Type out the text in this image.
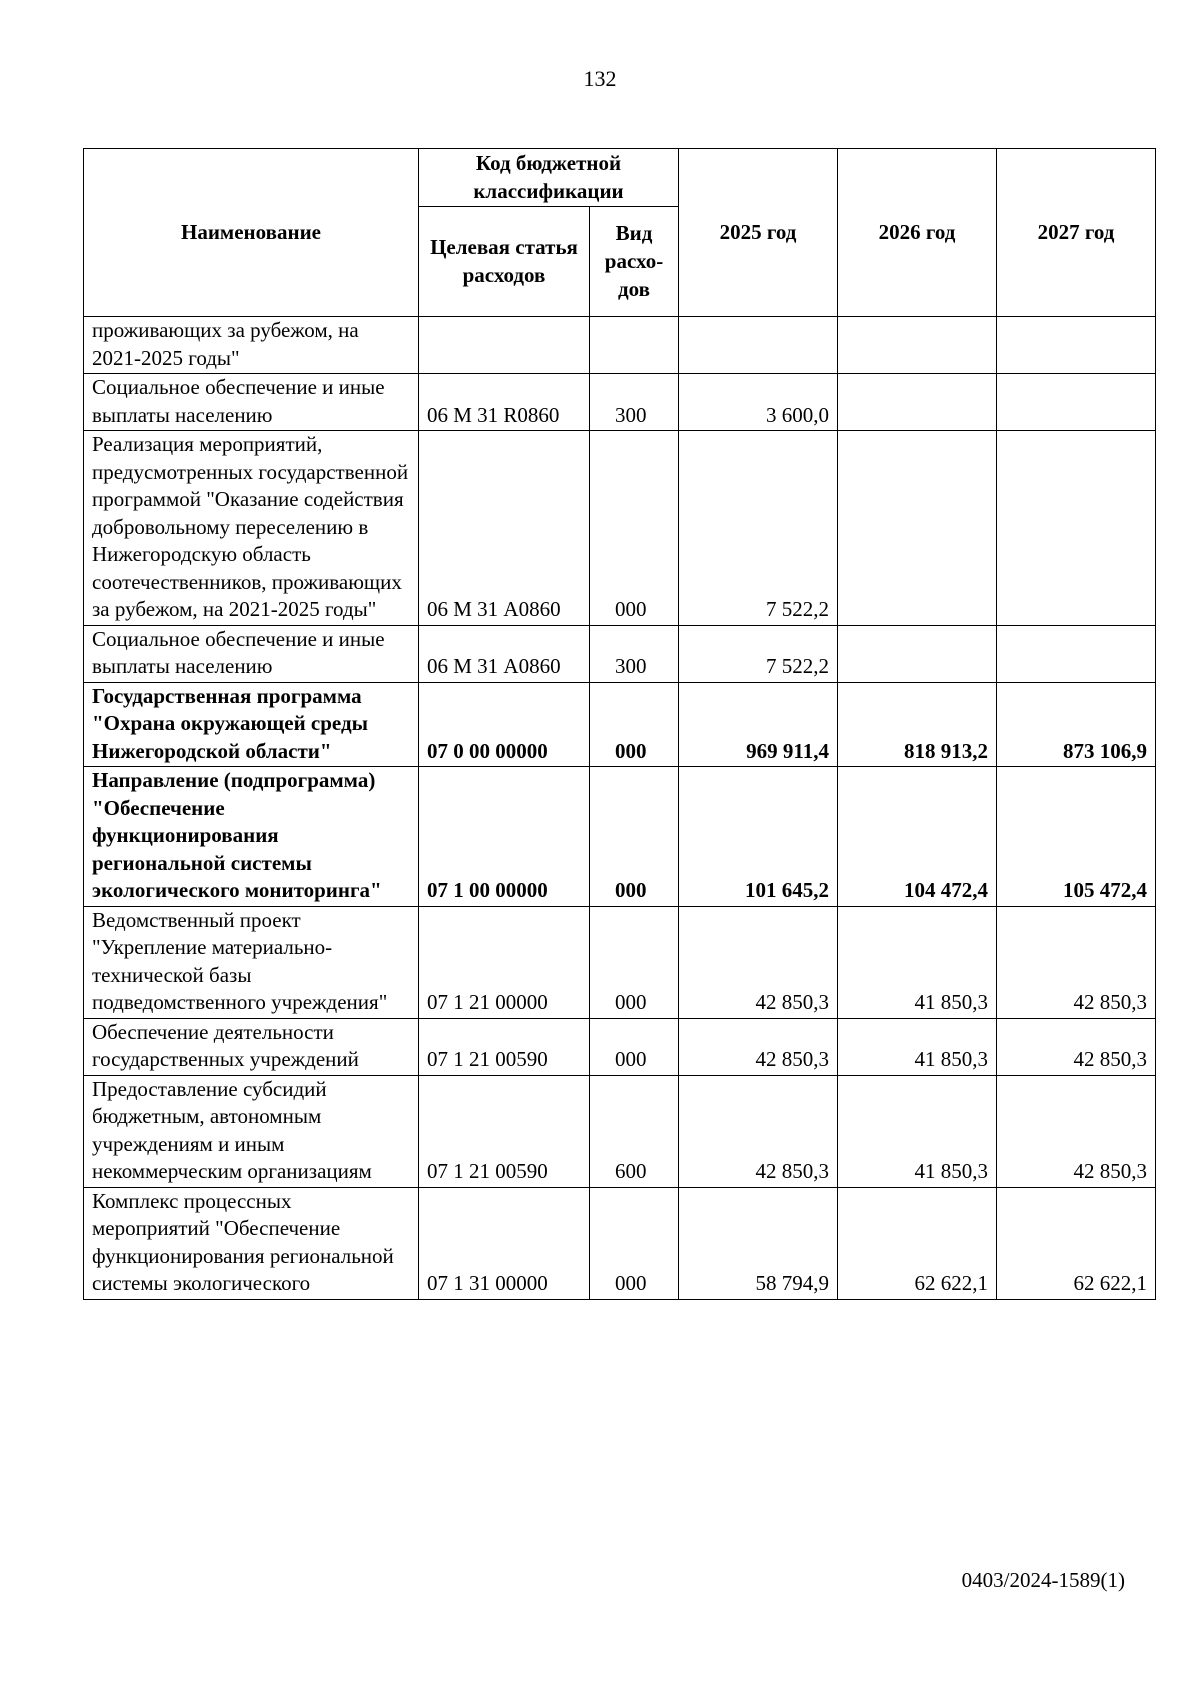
132
Наименование	Код бюджетной классификации		2025 год	2026 год	2027 год
	Целевая статья расходов	Вид расхо-дов			
проживающих за рубежом, на 2021-2025 годы"					
Социальное обеспечение и иные выплаты населению	06 М 31 R0860	300	3 600,0		
Реализация мероприятий, предусмотренных государственной программой "Оказание содействия добровольному переселению в Нижегородскую область соотечественников, проживающих за рубежом, на 2021-2025 годы"	06 М 31 А0860	000	7 522,2		
Социальное обеспечение и иные выплаты населению	06 М 31 А0860	300	7 522,2		
Государственная программа "Охрана окружающей среды Нижегородской области"	07 0 00 00000	000	969 911,4	818 913,2	873 106,9
Направление (подпрограмма) "Обеспечение функционирования региональной системы экологического мониторинга"	07 1 00 00000	000	101 645,2	104 472,4	105 472,4
Ведомственный проект "Укрепление материально-технической базы подведомственного учреждения"	07 1 21 00000	000	42 850,3	41 850,3	42 850,3
Обеспечение деятельности государственных учреждений	07 1 21 00590	000	42 850,3	41 850,3	42 850,3
Предоставление субсидий бюджетным, автономным учреждениям и иным некоммерческим организациям	07 1 21 00590	600	42 850,3	41 850,3	42 850,3
Комплекс процессных мероприятий "Обеспечение функционирования региональной системы экологического	07 1 31 00000	000	58 794,9	62 622,1	62 622,1
0403/2024-1589(1)
